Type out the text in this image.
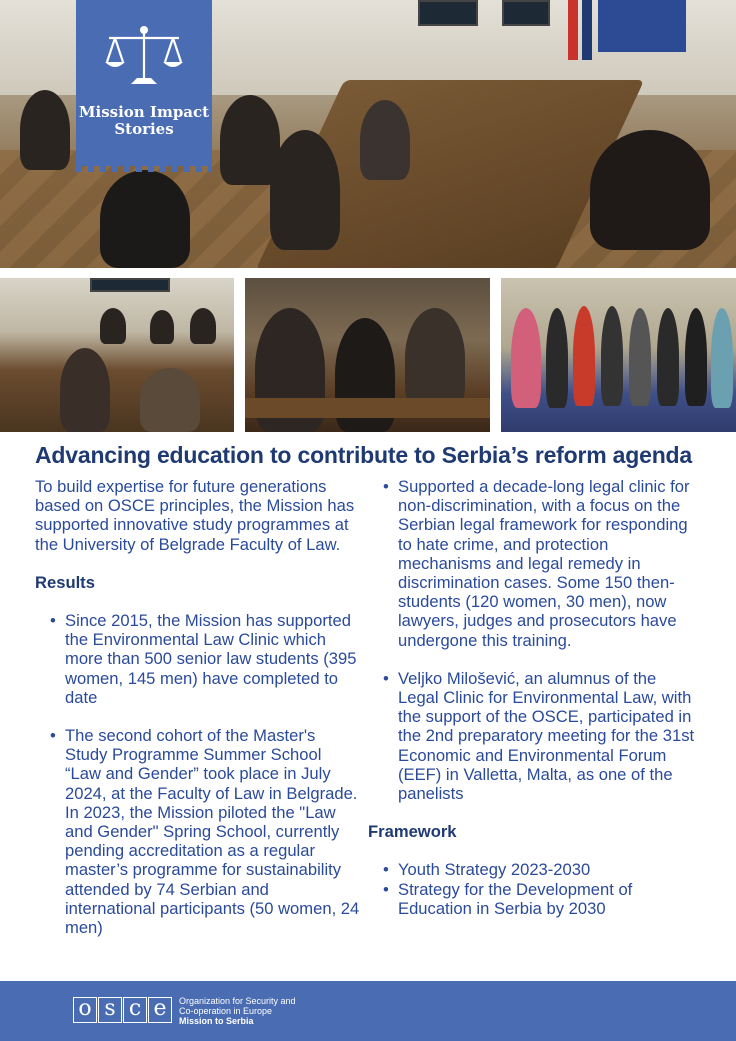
Mission Impact
Stories
Advancing education to contribute to Serbia’s reform agenda

To build expertise for future generations based on OSCE principles, the Mission has supported innovative study programmes at the University of Belgrade Faculty of Law.

Results
• Since 2015, the Mission has supported the Environmental Law Clinic which more than 500 senior law students (395 women, 145 men) have completed to date
• The second cohort of the Master's Study Programme Summer School “Law and Gender” took place in July 2024, at the Faculty of Law in Belgrade. In 2023, the Mission piloted the "Law and Gender" Spring School, currently pending accreditation as a regular master’s programme for sustainability attended by 74 Serbian and international participants (50 women, 24 men)
• Supported a decade-long legal clinic for non-discrimination, with a focus on the Serbian legal framework for responding to hate crime, and protection mechanisms and legal remedy in discrimination cases. Some 150 then-students (120 women, 30 men), now lawyers, judges and prosecutors have undergone this training.
• Veljko Milošević, an alumnus of the Legal Clinic for Environmental Law, with the support of the OSCE, participated in the 2nd preparatory meeting for the 31st Economic and Environmental Forum (EEF) in Valletta, Malta, as one of the panelists
Framework
• Youth Strategy 2023-2030
• Strategy for the Development of Education in Serbia by 2030
o s c e	Organization for Security and
Co-operation in Europe
Mission to Serbia
